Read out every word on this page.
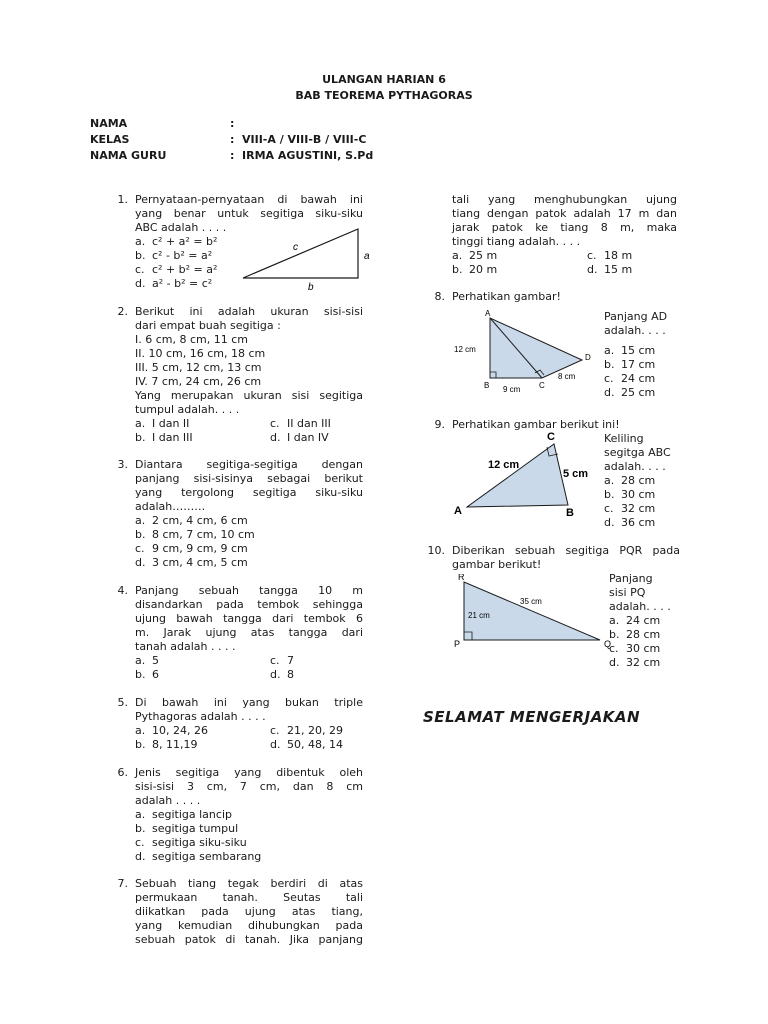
ULANGAN HARIAN 6
BAB TEOREMA PYTHAGORAS
NAMA	:
KELAS	: VIII-A / VIII-B / VIII-C
NAMA GURU	: IRMA AGUSTINI, S.Pd
1. Pernyataan-pernyataan di bawah ini
yang benar untuk segitiga siku-siku
ABC adalah . . . .
a. c² + a² = b²
b. c² - b² = a²
c. c² + b² = a²
d. a² - b² = c²
c
a
b
2. Berikut ini adalah ukuran sisi-sisi
dari empat buah segitiga :
I. 6 cm, 8 cm, 11 cm
II. 10 cm, 16 cm, 18 cm
III. 5 cm, 12 cm, 13 cm
IV. 7 cm, 24 cm, 26 cm
Yang merupakan ukuran sisi segitiga
tumpul adalah. . . .
a. I dan II	c. II dan III
b. I dan III	d. I dan IV
3. Diantara segitiga-segitiga dengan
panjang sisi-sisinya sebagai berikut
yang tergolong segitiga siku-siku
adalah………
a. 2 cm, 4 cm, 6 cm
b. 8 cm, 7 cm, 10 cm
c. 9 cm, 9 cm, 9 cm
d. 3 cm, 4 cm, 5 cm
4. Panjang sebuah tangga 10 m
disandarkan pada tembok sehingga
ujung bawah tangga dari tembok 6
m. Jarak ujung atas tangga dari
tanah adalah . . . .
a. 5	c. 7
b. 6	d. 8
5. Di bawah ini yang bukan triple
Pythagoras adalah . . . .
a. 10, 24, 26	c. 21, 20, 29
b. 8, 11,19	d. 50, 48, 14
6. Jenis segitiga yang dibentuk oleh
sisi-sisi 3 cm, 7 cm, dan 8 cm
adalah . . . .
a. segitiga lancip
b. segitiga tumpul
c. segitiga siku-siku
d. segitiga sembarang
7. Sebuah tiang tegak berdiri di atas
permukaan tanah. Seutas tali
diikatkan pada ujung atas tiang,
yang kemudian dihubungkan pada
sebuah patok di tanah. Jika panjang
tali yang menghubungkan ujung
tiang dengan patok adalah 17 m dan
jarak patok ke tiang 8 m, maka
tinggi tiang adalah. . . .
a. 25 m	c. 18 m
b. 20 m	d. 15 m
8. Perhatikan gambar!
A
B	C
D
12 cm
9 cm
8 cm
Panjang AD
adalah. . . .
a. 15 cm
b. 17 cm
c. 24 cm
d. 25 cm
9. Perhatikan gambar berikut ini!
A	B
C
12 cm
5 cm
Keliling
segitga ABC
adalah. . . .
a. 28 cm
b. 30 cm
c. 32 cm
d. 36 cm
10. Diberikan sebuah segitiga PQR pada
gambar berikut!
R
P	Q
21 cm
35 cm
Panjang
sisi PQ
adalah. . . .
a. 24 cm
b. 28 cm
c. 30 cm
d. 32 cm
SELAMAT MENGERJAKAN
